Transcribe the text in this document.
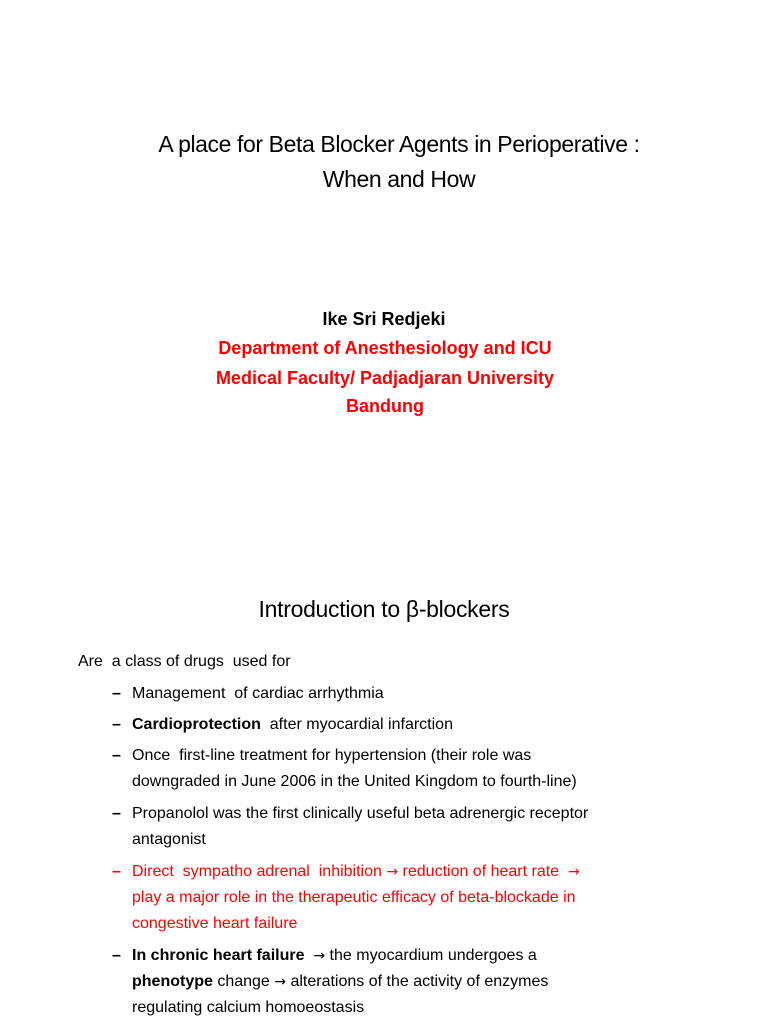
A place for Beta Blocker Agents in Perioperative :
When and How
Ike Sri Redjeki
Department of Anesthesiology and ICU
Medical Faculty/ Padjadjaran University
Bandung
Introduction to β-blockers
Are  a class of drugs  used for
– Management  of cardiac arrhythmia
– Cardioprotection  after myocardial infarction
– Once  first-line treatment for hypertension (their role was
downgraded in June 2006 in the United Kingdom to fourth-line)
– Propanolol was the first clinically useful beta adrenergic receptor
antagonist
– Direct  sympatho adrenal  inhibition → reduction of heart rate  →
play a major role in the therapeutic efficacy of beta-blockade in
congestive heart failure
– In chronic heart failure → the myocardium undergoes a
phenotype change → alterations of the activity of enzymes
regulating calcium homoeostasis
